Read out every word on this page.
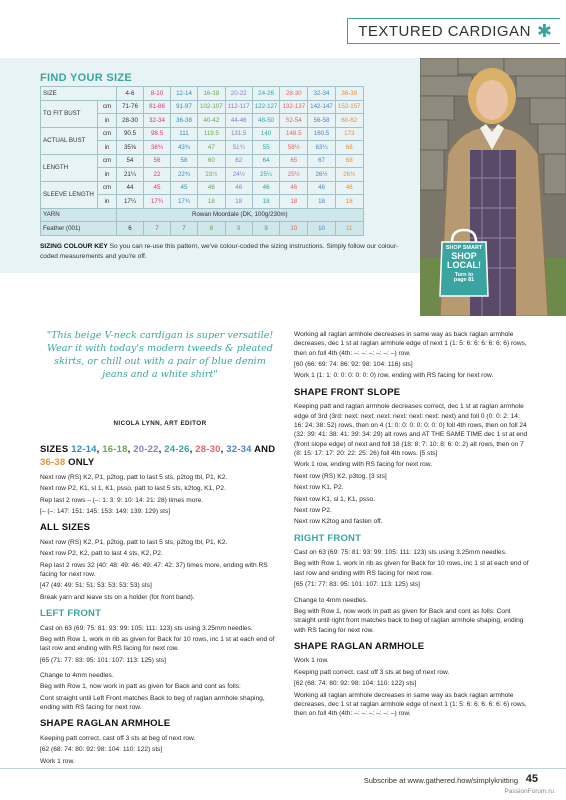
TEXTURED CARDIGAN ✱
FIND YOUR SIZE
SIZE		4-6	8-10	12-14	16-18	20-22	24-26	28-30	32-34	36-38
TO FIT BUST	cm	71-76	81-86	91-97	102-107	112-117	122-127	132-137	142-147	152-157
	in	28-30	32-34	36-38	40-42	44-46	48-50	52-54	56-58	60-62
ACTUAL BUST	cm	90.5	98.5	111	119.5	131.5	140	148.5	160.5	173
	in	35⅝	38¾	43¾	47	51¾	55	58½	63¼	68
LENGTH	cm	54	56	58	60	62	64	65	67	68
	in	21¼	22	22¾	23½	24½	25¼	25½	26½	26¾
SLEEVE LENGTH	cm	44	45	45	46	46	46	46	46	46
	in	17¼	17¾	17¾	18	18	18	18	18	18
YARN		Rowan Moordale (DK, 100g/230m)								
Feather (001)		6	7	7	8	9	9	10	10	11
SIZING COLOUR KEY So you can re-use this pattern, we've colour-coded the sizing instructions. Simply follow our colour-coded measurements and you're off.
SHOP SMART
SHOP
LOCAL!
Turn to
page 81
"This beige V-neck cardigan is super versatile! Wear it with today's modern tweeds & pleated skirts, or chill out with a pair of blue denim jeans and a white shirt"
NICOLA LYNN, ART EDITOR
SIZES 12-14, 16-18, 20-22, 24-26, 28-30, 32-34 AND 36-38 ONLY

Next row (RS) K2, P1, p2tog, patt to last 5 sts, p2tog tbl, P1, K2.

Next row P2, K1, sl 1, K1, psso, patt to last 5 sts, k2tog, K1, P2.

Rep last 2 rows – (–: 1: 3: 9: 10: 14: 21: 28) times more.

[– (–: 147: 151: 145: 153: 149: 139: 129) sts]

ALL SIZES

Next row (RS) K2, P1, p2tog, patt to last 5 sts, p2tog tbl, P1, K2.

Next row P2, K2, patt to last 4 sts, K2, P2.

Rep last 2 rows 32 (40: 48: 49: 46: 49: 47: 42: 37) times more, ending with RS facing for next row.

[47 (49: 49: 51: 51: 53: 53: 53: 53) sts]

Break yarn and leave sts on a holder (for front band).

LEFT FRONT

Cast on 63 (69: 75: 81: 93: 99: 105: 111: 123) sts using 3.25mm needles.

Beg with Row 1, work in rib as given for Back for 10 rows, inc 1 st at each end of last row and ending with RS facing for next row.

[65 (71: 77: 83: 95: 101: 107: 113: 125) sts]

Change to 4mm needles.

Beg with Row 1, now work in patt as given for Back and cont as folls:

Cont straight until Left Front matches Back to beg of raglan armhole shaping, ending with RS facing for next row.

SHAPE RAGLAN ARMHOLE

Keeping patt correct, cast off 3 sts at beg of next row.

[62 (68: 74: 80: 92: 98: 104: 110: 122) sts]

Work 1 row.

Working all raglan armhole decreases in same way as back raglan armhole decreases, dec 1 st at raglan armhole edge of next 1 (1: 5: 6: 6: 6: 6: 6: 6) rows, then on foll 4th (4th: –: –: –: –: –: –) row.

[60 (66: 69: 74: 86: 92: 98: 104: 116) sts]

Work 1 (1: 1: 0: 0: 0: 0: 0: 0) row, ending with RS facing for next row.

SHAPE FRONT SLOPE

Keeping patt and raglan armhole decreases correct, dec 1 st at raglan armhole edge of 3rd (3rd: next: next: next: next: next: next: next) and foll 0 (0: 0: 2: 14: 16: 24: 38: 52) rows, then on 4 (1: 0: 0: 0: 0: 0: 0: 0) foll 4th rows, then on foll 24 (32: 39: 41: 38: 41: 39: 34: 29) alt rows and AT THE SAME TIME dec 1 st at end (front slope edge) of next and foll 18 (18: 8: 7: 10: 8: 6: 0: 2) alt rows, then on 7 (8: 15: 17: 17: 20: 22: 25: 26) foll 4th rows. [5 sts]

Work 1 row, ending with RS facing for next row.

Next row (RS) K2, p3tog. [3 sts]

Next row K1, P2.

Next row K1, sl 1, K1, psso.

Next row P2.

Next row K2tog and fasten off.

RIGHT FRONT

Cast on 63 (69: 75: 81: 93: 99: 105: 111: 123) sts using 3.25mm needles.

Beg with Row 1, work in rib as given for Back for 10 rows, inc 1 st at each end of last row and ending with RS facing for next row.

[65 (71: 77: 83: 95: 101: 107: 113: 125) sts]

Change to 4mm needles.

Beg with Row 1, now work in patt as given for Back and cont as folls: Cont straight until right front matches back to beg of raglan armhole shaping, ending with RS facing for next row.

SHAPE RAGLAN ARMHOLE

Work 1 row.

Keeping patt correct, cast off 3 sts at beg of next row.

[62 (68: 74: 80: 92: 98: 104: 110: 122) sts]

Working all raglan armhole decreases in same way as back raglan armhole decreases, dec 1 st at raglan armhole edge of next 1 (1: 5: 6: 6: 6: 6: 6: 6) rows, then on foll 4th (4th: –: –: –: –: –: –) row.

Subscribe at www.gathered.how/simplyknitting 45
PassionForum.ru
